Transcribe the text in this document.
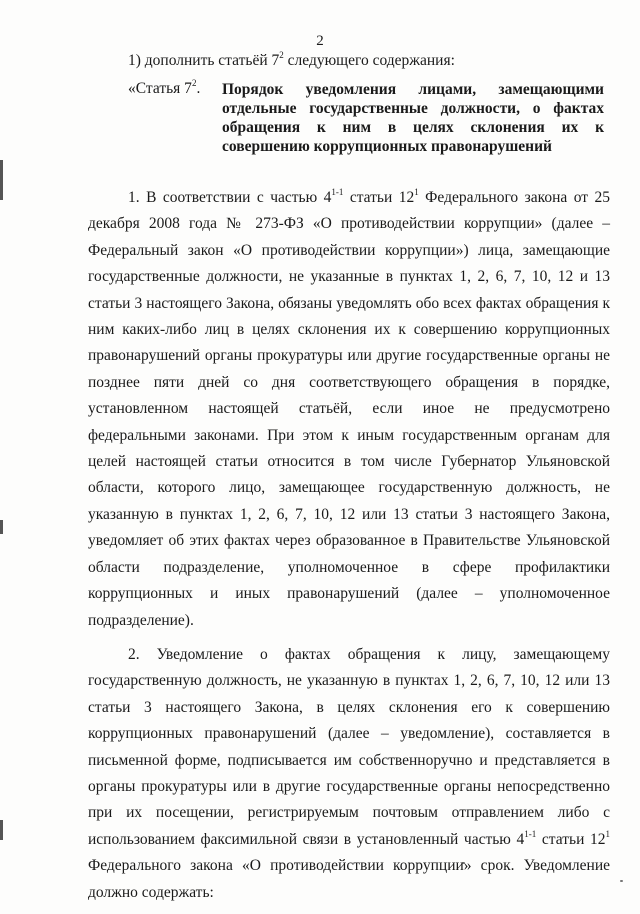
2
1) дополнить статьёй $7^2$ следующего содержания:
«Статья $7^2$. Порядок уведомления лицами, замещающими отдельные государственные должности, о фактах обращения к ним в целях склонения их к совершению коррупционных правонарушений

1. В соответствии с частью 4$^{1-1}$ статьи $12^1$ Федерального закона от 25 декабря 2008 года № 273-ФЗ «О противодействии коррупции» (далее – Федеральный закон «О противодействии коррупции») лица, замещающие государственные должности, не указанные в пунктах 1, 2, 6, 7, 10, 12 и 13 статьи 3 настоящего Закона, обязаны уведомлять обо всех фактах обращения к ним каких-либо лиц в целях склонения их к совершению коррупционных правонарушений органы прокуратуры или другие государственные органы не позднее пяти дней со дня соответствующего обращения в порядке, установленном настоящей статьёй, если иное не предусмотрено федеральными законами. При этом к иным государственным органам для целей настоящей статьи относится в том числе Губернатор Ульяновской области, которого лицо, замещающее государственную должность, не указанную в пунктах 1, 2, 6, 7, 10, 12 или 13 статьи 3 настоящего Закона, уведомляет об этих фактах через образованное в Правительстве Ульяновской области подразделение, уполномоченное в сфере профилактики коррупционных и иных правонарушений (далее – уполномоченное подразделение).

2. Уведомление о фактах обращения к лицу, замещающему государственную должность, не указанную в пунктах 1, 2, 6, 7, 10, 12 или 13 статьи 3 настоящего Закона, в целях склонения его к совершению коррупционных правонарушений (далее – уведомление), составляется в письменной форме, подписывается им собственноручно и представляется в органы прокуратуры или в другие государственные органы непосредственно при их посещении, регистрируемым почтовым отправлением либо с использованием факсимильной связи в установленный частью 4$^{1-1}$ статьи $12^1$ Федерального закона «О противодействии коррупции» срок. Уведомление должно содержать:
